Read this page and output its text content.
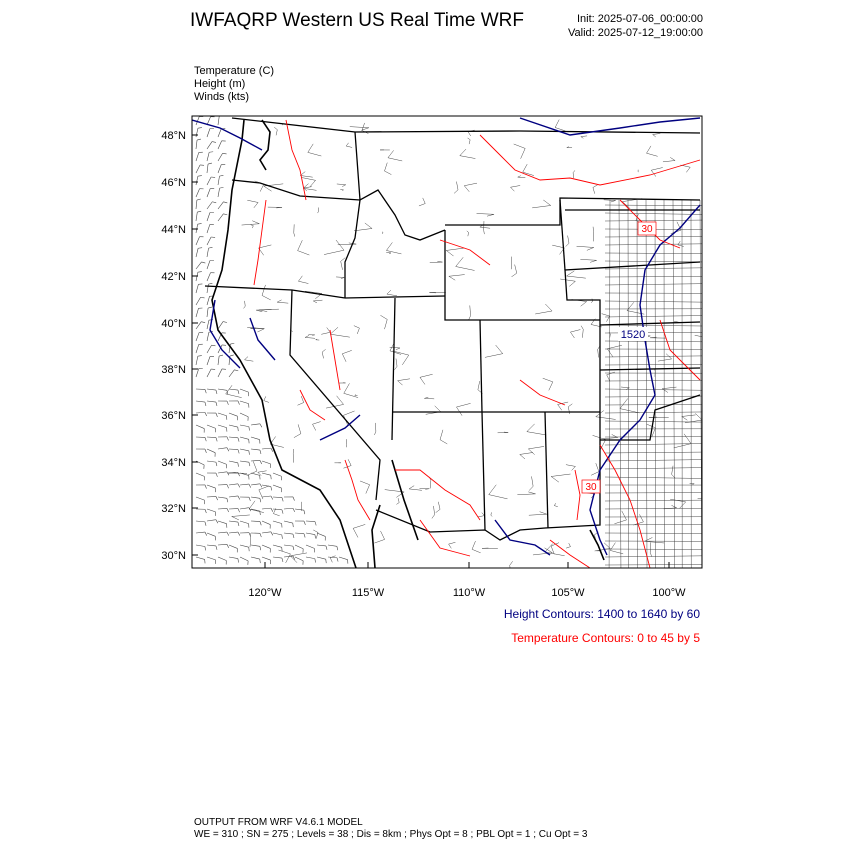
IWFAQRP Western US Real Time WRF	Init: 2025-07-06_00:00:00
Valid: 2025-07-12_19:00:00
Temperature (C)
Height (m)
Winds (kts)
1520
30
30
48°N
46°N
44°N
42°N
40°N
38°N
36°N
34°N
32°N
30°N
120°W	115°W	110°W	105°W	100°W
Height Contours: 1400 to 1640 by 60
Temperature Contours: 0 to 45 by 5
OUTPUT FROM WRF V4.6.1 MODEL
WE = 310 ; SN = 275 ; Levels = 38 ; Dis = 8km ; Phys Opt = 8 ; PBL Opt = 1 ; Cu Opt = 3
